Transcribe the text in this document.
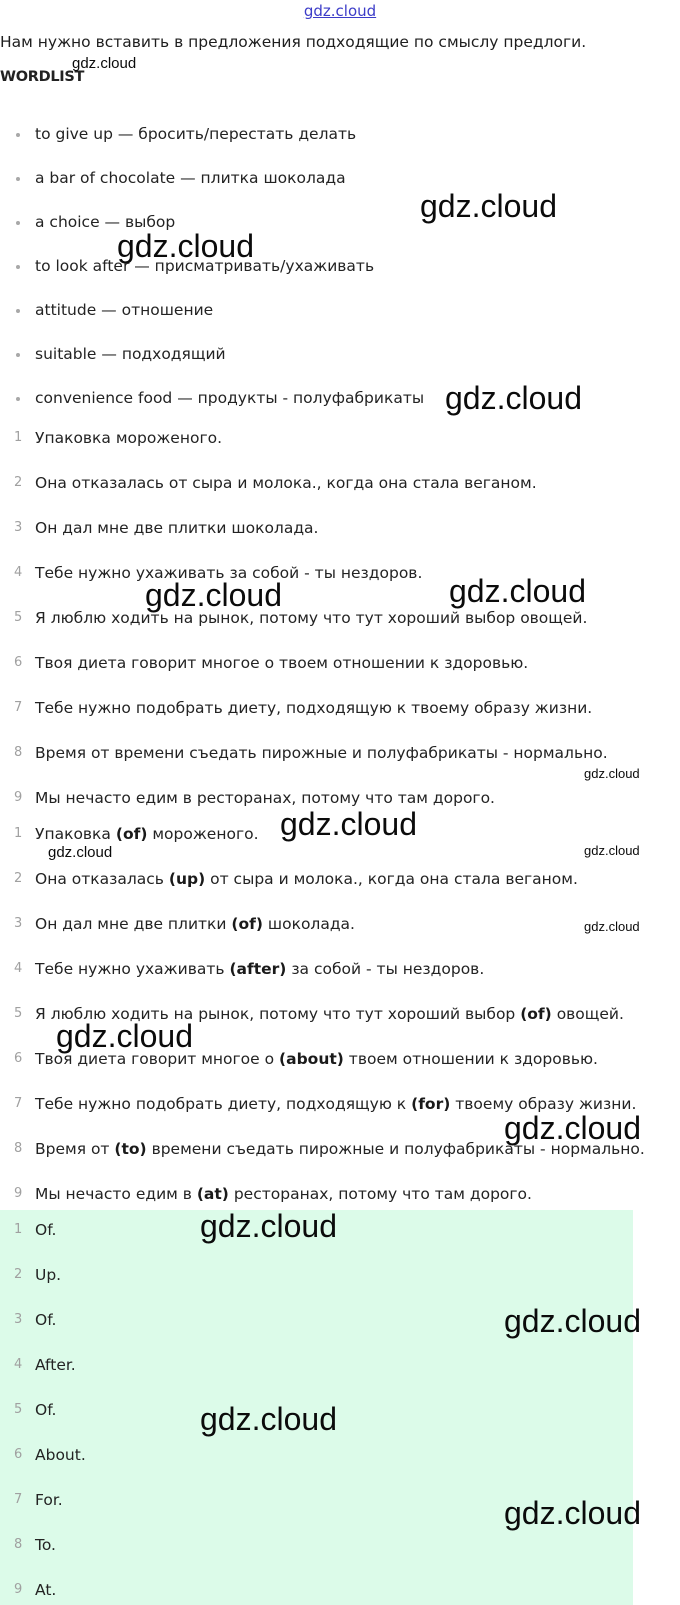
gdz.cloud
Нам нужно вставить в предложения подходящие по смыслу предлоги.
WORDLIST
to give up — бросить/перестать делать
a bar of chocolate — плитка шоколада
a choice — выбор
to look after — присматривать/ухаживать
attitude — отношение
suitable — подходящий
convenience food — продукты - полуфабрикаты
1 Упаковка мороженого.
2 Она отказалась от сыра и молока., когда она стала веганом.
3 Он дал мне две плитки шоколада.
4 Тебе нужно ухаживать за собой - ты нездоров.
5 Я люблю ходить на рынок, потому что тут хороший выбор овощей.
6 Твоя диета говорит многое о твоем отношении к здоровью.
7 Тебе нужно подобрать диету, подходящую к твоему образу жизни.
8 Время от времени съедать пирожные и полуфабрикаты - нормально.
9 Мы нечасто едим в ресторанах, потому что там дорого.
1 Упаковка (of) мороженого.
2 Она отказалась (up) от сыра и молока., когда она стала веганом.
3 Он дал мне две плитки (of) шоколада.
4 Тебе нужно ухаживать (after) за собой - ты нездоров.
5 Я люблю ходить на рынок, потому что тут хороший выбор (of) овощей.
6 Твоя диета говорит многое о (about) твоем отношении к здоровью.
7 Тебе нужно подобрать диету, подходящую к (for) твоему образу жизни.
8 Время от (to) времени съедать пирожные и полуфабрикаты - нормально.
9 Мы нечасто едим в (at) ресторанах, потому что там дорого.
1 Of.
2 Up.
3 Of.
4 After.
5 Of.
6 About.
7 For.
8 To.
9 At.
gdz.cloud
gdz.cloud
gdz.cloud
gdz.cloud
gdz.cloud	gdz.cloud
gdz.cloud
gdz.cloud
gdz.cloud	gdz.cloud
gdz.cloud
gdz.cloud
gdz.cloud
gdz.cloud
gdz.cloud
gdz.cloud
gdz.cloud
